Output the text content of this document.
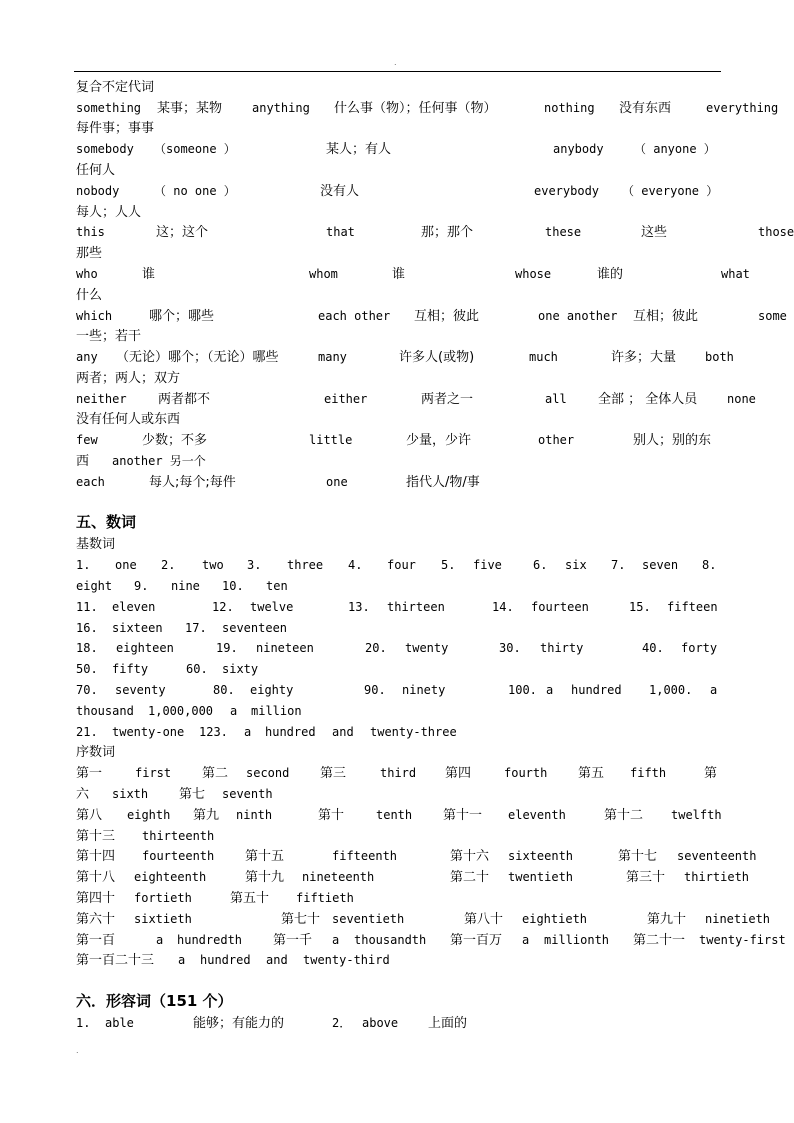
.
复合不定代词
something 某事；某物 anything 什么事（物）；任何事（物）	nothing 没有东西	everything
每件事；事事
somebody （someone ）	某人；有人	anybody	（ anyone ）
任何人
nobody	（ no one ）	没有人	everybody （ everyone ）
每人；人人
this	这；这个	that	那；那个	these	这些	those
那些
who	谁	whom	谁	whose	谁的	what
什么
which	哪个；哪些	each other 互相；彼此	one another 互相；彼此	some
一些；若干
any （无论）哪个；（无论）哪些	many	许多人(或物)	much	许多；大量 both
两者；两人；双方
neither 两者都不	either	两者之一	all 全部 ； 全体人员 none
没有任何人或东西
few	少数；不多	little	少量，少许	other	别人；别的东
西 another 另一个
each	每人;每个;每件	one	指代人/物/事
五、数词
基数词
1. one 2. two 3. three 4. four 5. five	6. six 7. seven 8.
eight 9. nine 10. ten
11. eleven	12. twelve	13. thirteen	14. fourteen	15. fifteen
16. sixteen 17. seventeen
18. eighteen	19. nineteen	20. twenty	30. thirty	40. forty
50. fifty	60. sixty
70. seventy	80. eighty	90. ninety	100. a hundred 1,000. a
thousand 1,000,000 a million
21. twenty-one 123. a hundred and twenty-three
序数词
第一	first 第二 second 第三	third 第四	fourth 第五 fifth	第
六 sixth 第七 seventh
第八 eighth 第九 ninth	第十	tenth 第十一 eleventh	第十二 twelfth
第十三 thirteenth
第十四 fourteenth 第十五	fifteenth	第十六 sixteenth	第十七 seventeenth
第十八 eighteenth	第十九 nineteenth	第二十 twentieth	第三十 thirtieth
第四十 fortieth	第五十 fiftieth
第六十 sixtieth	第七十 seventieth	第八十 eightieth	第九十 ninetieth
第一百	a hundredth 第一千 a thousandth 第一百万 a millionth 第二十一 twenty-first
第一百二十三 a hundred and twenty-third
六．形容词（151 个）
1. able	能够；有能力的	2． above 上面的
.
